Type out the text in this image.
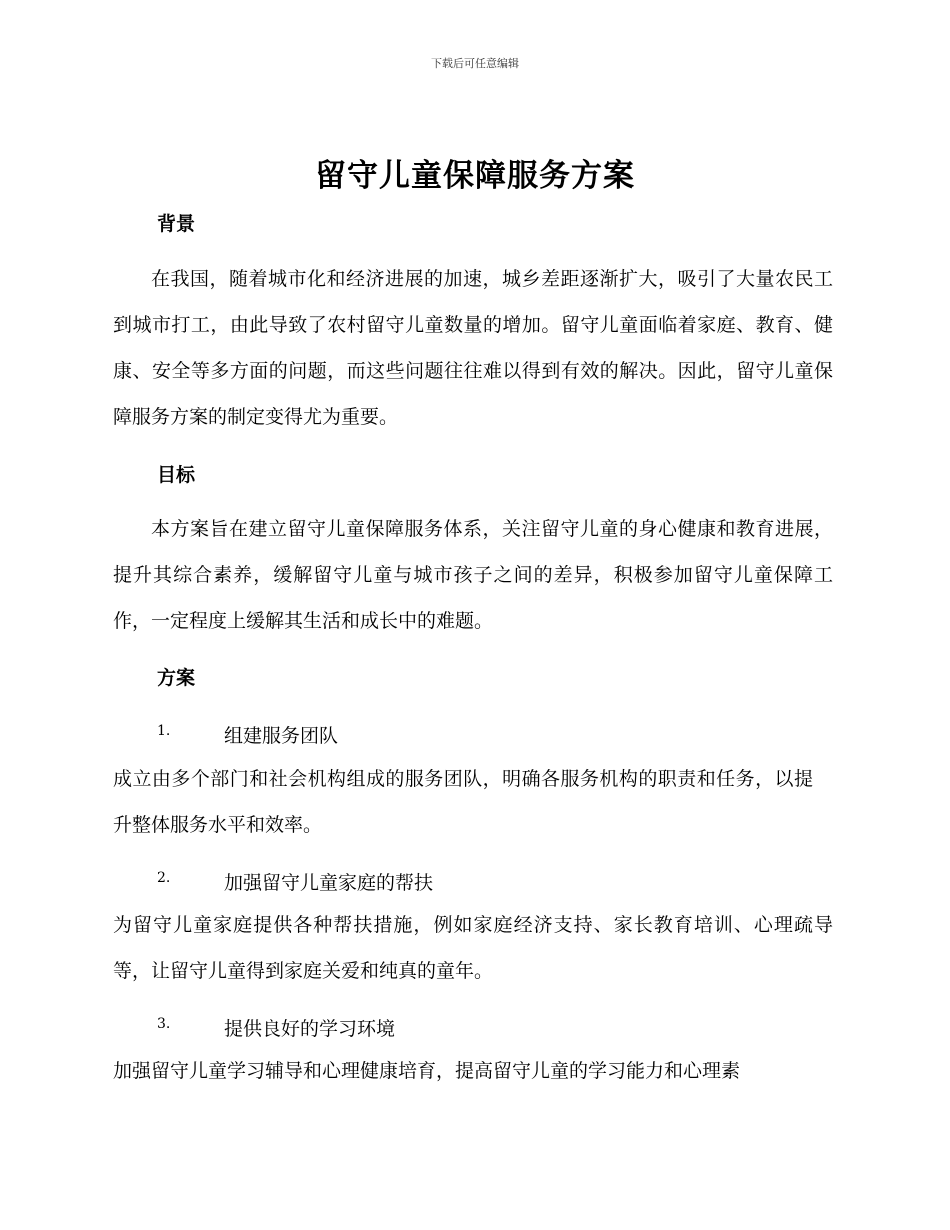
下载后可任意编辑
留守儿童保障服务方案
背景

在我国，随着城市化和经济进展的加速，城乡差距逐渐扩大，吸引了大量农民工到城市打工，由此导致了农村留守儿童数量的增加。留守儿童面临着家庭、教育、健康、安全等多方面的问题，而这些问题往往难以得到有效的解决。因此，留守儿童保障服务方案的制定变得尤为重要。

目标

本方案旨在建立留守儿童保障服务体系，关注留守儿童的身心健康和教育进展，提升其综合素养，缓解留守儿童与城市孩子之间的差异，积极参加留守儿童保障工作，一定程度上缓解其生活和成长中的难题。

方案
1.	组建服务团队

成立由多个部门和社会机构组成的服务团队，明确各服务机构的职责和任务，以提升整体服务水平和效率。

2.	加强留守儿童家庭的帮扶

为留守儿童家庭提供各种帮扶措施，例如家庭经济支持、家长教育培训、心理疏导等，让留守儿童得到家庭关爱和纯真的童年。

3.	提供良好的学习环境

加强留守儿童学习辅导和心理健康培育，提高留守儿童的学习能力和心理素
